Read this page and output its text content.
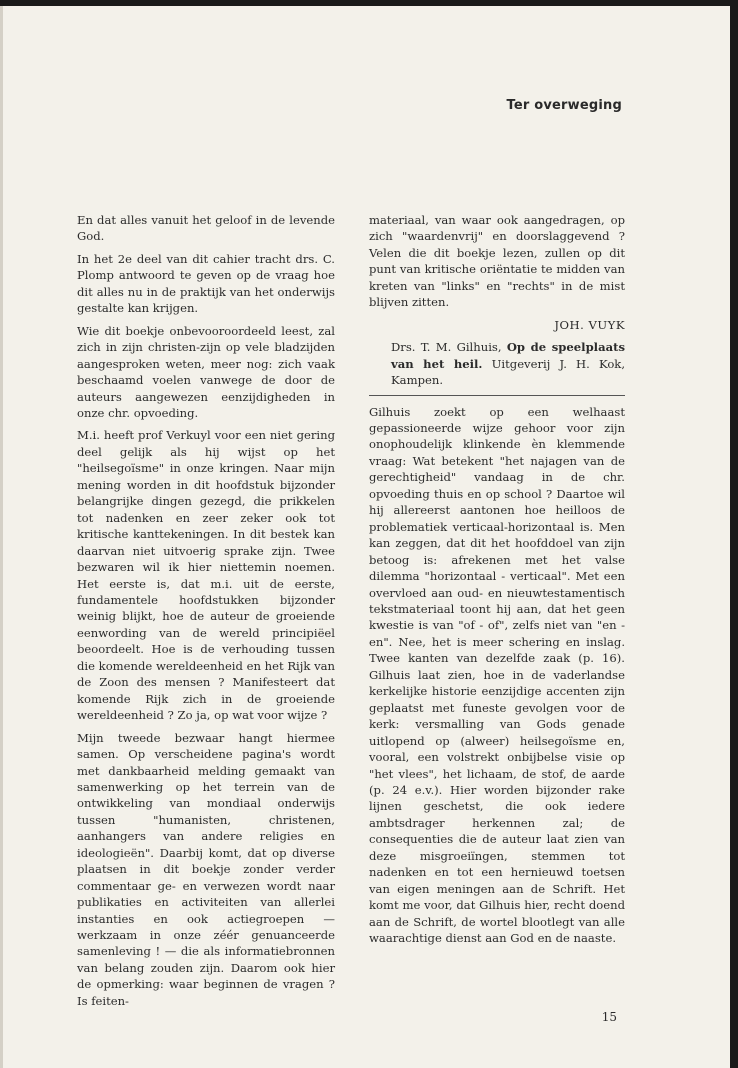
Ter overweging

En dat alles vanuit het geloof in de levende God.

In het 2e deel van dit cahier tracht drs. C. Plomp antwoord te geven op de vraag hoe dit alles nu in de praktijk van het onderwijs gestalte kan krijgen.

Wie dit boekje onbevooroordeeld leest, zal zich in zijn christen-zijn op vele bladzijden aangesproken weten, meer nog: zich vaak beschaamd voelen vanwege de door de auteurs aangewezen eenzijdigheden in onze chr. opvoeding.

M.i. heeft prof Verkuyl voor een niet gering deel gelijk als hij wijst op het "heilsegoïsme" in onze kringen. Naar mijn mening worden in dit hoofdstuk bijzonder belangrijke dingen gezegd, die prikkelen tot nadenken en zeer zeker ook tot kritische kanttekeningen. In dit bestek kan daarvan niet uitvoerig sprake zijn. Twee bezwaren wil ik hier niettemin noemen. Het eerste is, dat m.i. uit de eerste, fundamentele hoofdstukken bijzonder weinig blijkt, hoe de auteur de groeiende eenwording van de wereld principiëel beoordeelt. Hoe is de verhouding tussen die komende wereldeenheid en het Rijk van de Zoon des mensen ? Manifesteert dat komende Rijk zich in de groeiende wereldeenheid ? Zo ja, op wat voor wijze ?

Mijn tweede bezwaar hangt hiermee samen. Op verscheidene pagina's wordt met dankbaarheid melding gemaakt van samenwerking op het terrein van de ontwikkeling van mondiaal onderwijs tussen "humanisten, christenen, aanhangers van andere religies en ideologieën". Daarbij komt, dat op diverse plaatsen in dit boekje zonder verder commentaar ge- en verwezen wordt naar publikaties en activiteiten van allerlei instanties en ook actiegroepen — werkzaam in onze zéér genuanceerde samenleving ! — die als informatiebronnen van belang zouden zijn. Daarom ook hier de opmerking: waar beginnen de vragen ? Is feiten-

materiaal, van waar ook aangedragen, op zich "waardenvrij" en doorslaggevend ? Velen die dit boekje lezen, zullen op dit punt van kritische oriëntatie te midden van kreten van "links" en "rechts" in de mist blijven zitten.

JOH. VUYK

Drs. T. M. Gilhuis, Op de speelplaats van het heil. Uitgeverij J. H. Kok, Kampen.

Gilhuis zoekt op een welhaast gepassioneerde wijze gehoor voor zijn onophoudelijk klinkende èn klemmende vraag: Wat betekent "het najagen van de gerechtigheid" vandaag in de chr. opvoeding thuis en op school ? Daartoe wil hij allereerst aantonen hoe heilloos de problematiek verticaal-horizontaal is. Men kan zeggen, dat dit het hoofddoel van zijn betoog is: afrekenen met het valse dilemma "horizontaal - verticaal". Met een overvloed aan oud- en nieuwtestamentisch tekstmateriaal toont hij aan, dat het geen kwestie is van "of - of", zelfs niet van "en - en". Nee, het is meer schering en inslag. Twee kanten van dezelfde zaak (p. 16). Gilhuis laat zien, hoe in de vaderlandse kerkelijke historie eenzijdige accenten zijn geplaatst met funeste gevolgen voor de kerk: versmalling van Gods genade uitlopend op (alweer) heilsegoïsme en, vooral, een volstrekt onbijbelse visie op "het vlees", het lichaam, de stof, de aarde (p. 24 e.v.). Hier worden bijzonder rake lijnen geschetst, die ook iedere ambtsdrager herkennen zal; de consequenties die de auteur laat zien van deze misgroeiïngen, stemmen tot nadenken en tot een hernieuwd toetsen van eigen meningen aan de Schrift. Het komt me voor, dat Gilhuis hier, recht doend aan de Schrift, de wortel blootlegt van alle waarachtige dienst aan God en de naaste.

15
